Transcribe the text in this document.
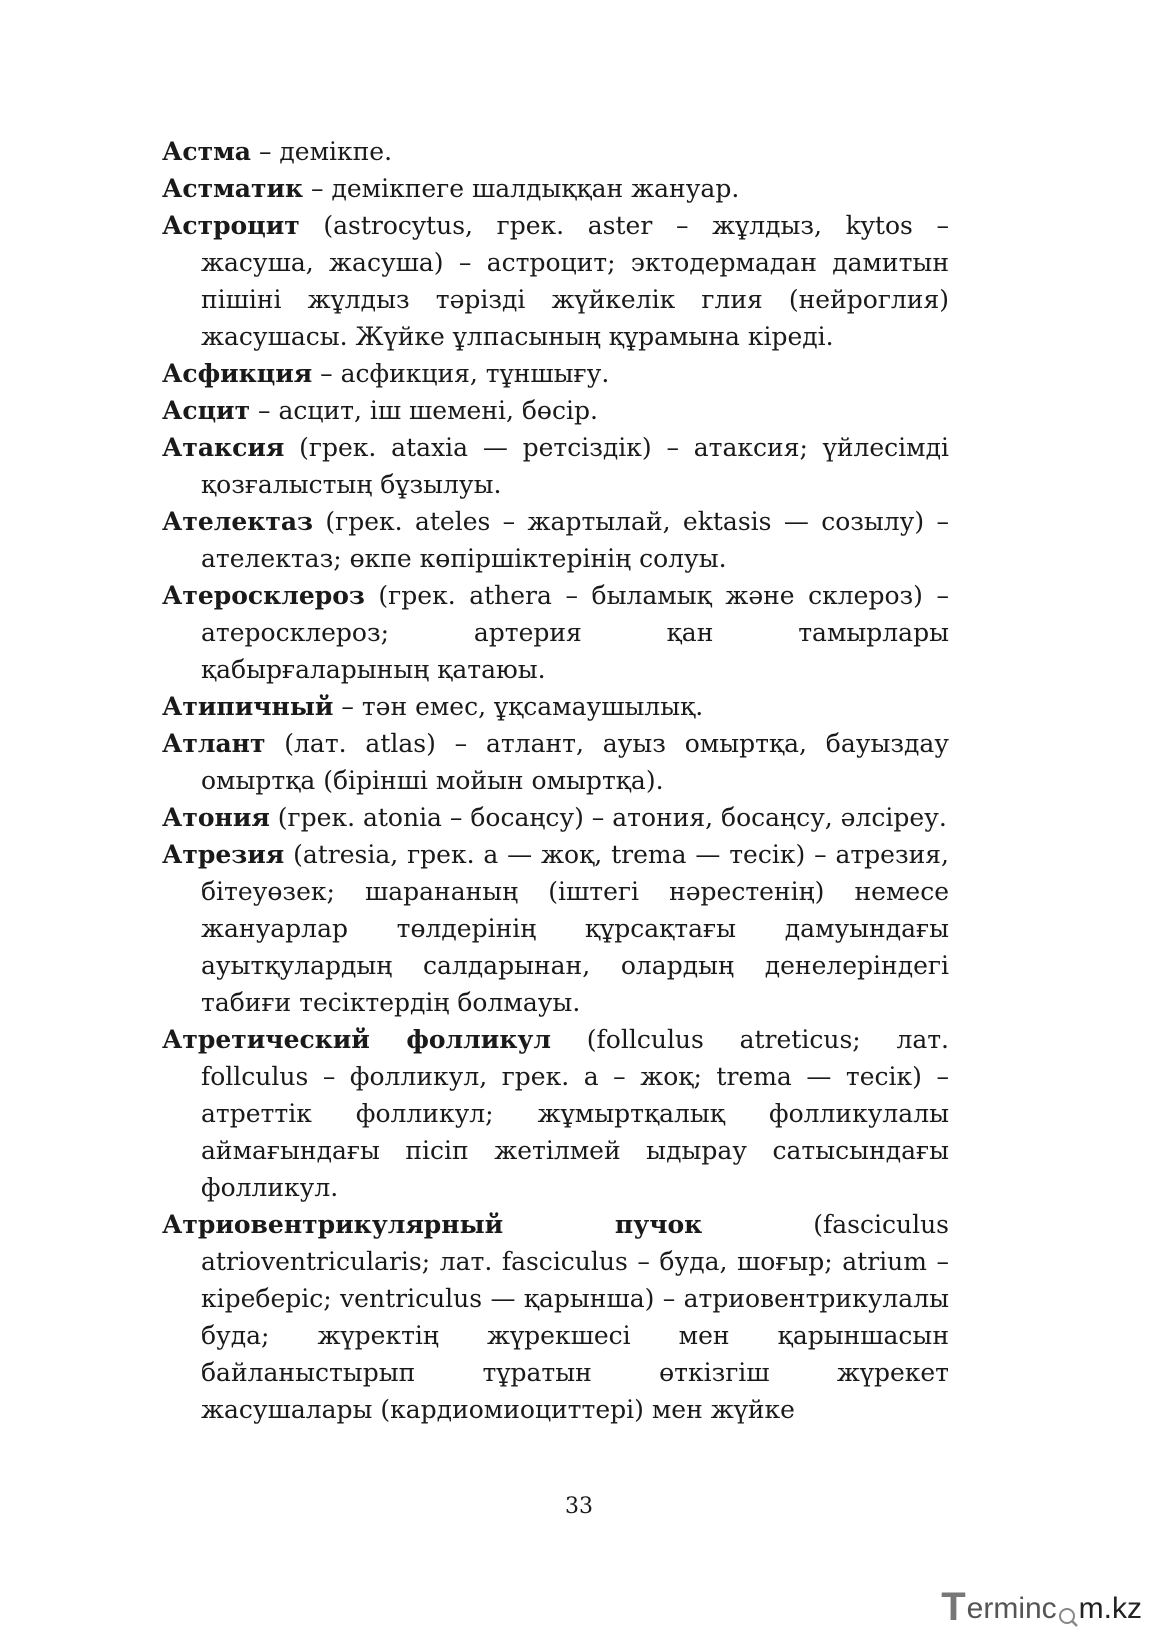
Астма – демікпе.

Астматик – демікпеге шалдыққан жануар.

Астроцит (astrocytus, грек. aster – жұлдыз, kytos – жасуша, жасуша) – астроцит; эктодермадан дамитын пішіні жұлдыз тәрізді жүйкелік глия (нейроглия) жасушасы. Жүйке ұлпасының құрамына кіреді.

Асфикция – асфикция, тұншығу.

Асцит – асцит, іш шемені, бөсір.

Атаксия (грек. ataxia — ретсіздік) – атаксия; үйлесімді қозғалыстың бұзылуы.

Ателектаз (грек. ateles – жартылай, ektasis — созылу) – ателектаз; өкпе көпіршіктерінің солуы.

Атеросклероз (грек. athera – быламық және склероз) – атеросклероз; артерия қан тамырлары қабырғаларының қатаюы.

Атипичный – тән емес, ұқсамаушылық.

Атлант (лат. atlas) – атлант, ауыз омыртқа, бауыздау омыртқа (бірінші мойын омыртқа).

Атония (грек. atonia – босаңсу) – атония, босаңсу, әлсіреу.

Атрезия (atresia, грек. a — жоқ, trema — тесік) – атрезия, бітеуөзек; шарананың (іштегі нәрестенің) немесе жануарлар төлдерінің құрсақтағы дамуындағы ауытқулардың салдарынан, олардың денелеріндегі табиғи тесіктердің болмауы.

Атретический фолликул (follculus atreticus; лат. follculus – фолликул, грек. a – жоқ; trema — тесік) – атреттік фолликул; жұмыртқалық фолликулалы аймағындағы пісіп жетілмей ыдырау сатысындағы фолликул.

Атриовентрикулярный пучок (fasciculus atrioventricularis; лат. fasciculus – буда, шоғыр; atrium – кіреберіс; ventriculus — қарынша) – атриовентрикулалы буда; жүректің жүрекшесі мен қарыншасын байланыстырып тұратын өткізгіш жүрекет жасушалары (кардиомиоциттері) мен жүйке

33
T erminc m.kz
